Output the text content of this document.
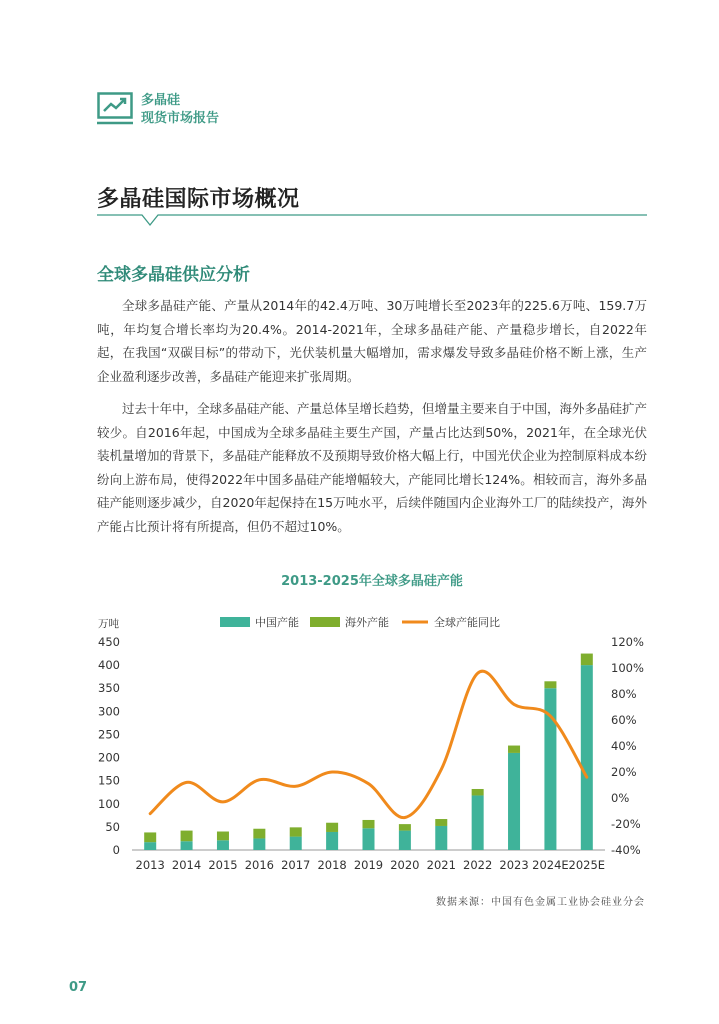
多晶硅
现货市场报告
多晶硅国际市场概况
全球多晶硅供应分析

全球多晶硅产能、产量从2014年的42.4万吨、30万吨增长至2023年的225.6万吨、159.7万吨，年均复合增长率均为20.4%。2014-2021年，全球多晶硅产能、产量稳步增长，自2022年起，在我国“双碳目标”的带动下，光伏装机量大幅增加，需求爆发导致多晶硅价格不断上涨，生产企业盈利逐步改善，多晶硅产能迎来扩张周期。

过去十年中，全球多晶硅产能、产量总体呈增长趋势，但增量主要来自于中国，海外多晶硅扩产较少。自2016年起，中国成为全球多晶硅主要生产国，产量占比达到50%，2021年，在全球光伏装机量增加的背景下，多晶硅产能释放不及预期导致价格大幅上行，中国光伏企业为控制原料成本纷纷向上游布局，使得2022年中国多晶硅产能增幅较大，产能同比增长124%。相较而言，海外多晶硅产能则逐步减少，自2020年起保持在15万吨水平，后续伴随国内企业海外工厂的陆续投产，海外产能占比预计将有所提高，但仍不超过10%。

2013-2025年全球多晶硅产能
万吨
0
50
100
150
200
250
300
350
400
450
-40%
-20%
0%
20%
40%
60%
80%
100%
120%
2013 2014 2015 2016 2017 2018 2019 2020 2021 2022 2023 2024E 2025E
中国产能	海外产能	全球产能同比
数据来源：中国有色金属工业协会硅业分会
07
